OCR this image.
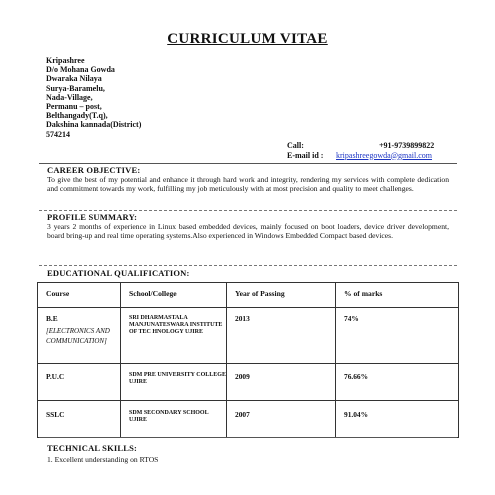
CURRICULUM VITAE
Kripashree
D/o Mohana Gowda
Dwaraka Nilaya
Surya-Baramelu,
Nada-Village,
Permanu – post,
Belthangady(T.q),
Dakshina kannada(District)
574214
Call:	+91-9739899822
E-mail id : kripashreegowda@gmail.com
CAREER OBJECTIVE:
To give the best of my potential and enhance it through hard work and integrity, rendering my services with complete dedication and commitment towards my work, fulfilling my job meticulously with at most precision and quality to meet challenges.
PROFILE SUMMARY:
3 years 2 months of experience in Linux based embedded devices, mainly focused on boot loaders, device driver development, board bring-up and real time operating systems.Also experienced in Windows Embedded Compact based devices.
EDUCATIONAL QUALIFICATION:
Course	School/College	Year of Passing	% of marks

B.E
[ELECTRONICS AND COMMUNICATION]	SRI DHARMASTALA MANJUNATESWARA INSTITUTE OF TEC HNOLOGY UJIRE	2013	74%

P.U.C	SDM PRE UNIVERSITY COLLEGE UJIRE	2009	76.66%

SSLC	SDM SECONDARY SCHOOL UJIRE	2007	91.04%
TECHNICAL SKILLS:
1. Excellent understanding on RTOS
